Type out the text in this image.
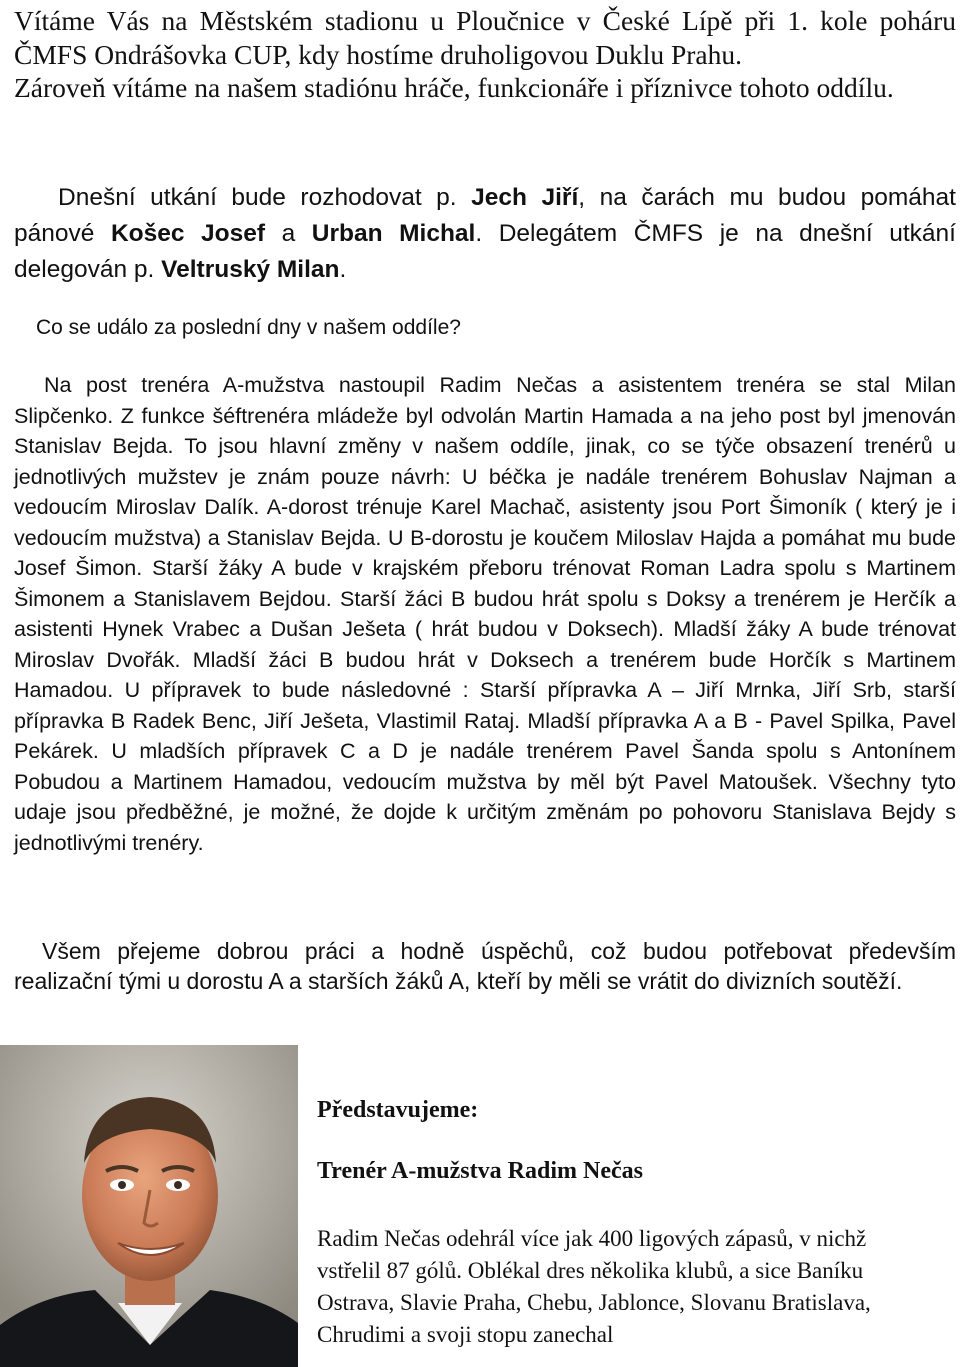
Vítáme Vás na Městském stadionu u Ploučnice v České Lípě při 1. kole poháru ČMFS Ondrášovka CUP, kdy hostíme druholigovou Duklu Prahu.
Zároveň vítáme na našem stadiónu hráče, funkcionáře i příznivce tohoto oddílu.

Dnešní utkání bude rozhodovat p. Jech Jiří, na čarách mu budou pomáhat pánové Košec Josef a Urban Michal. Delegátem ČMFS je na dnešní utkání delegován p. Veltruský Milan.

Co se událo za poslední dny v našem oddíle?

Na post trenéra A-mužstva nastoupil Radim Nečas a asistentem trenéra se stal Milan Slipčenko. Z funkce šéftrenéra mládeže byl odvolán Martin Hamada a na jeho post byl jmenován Stanislav Bejda. To jsou hlavní změny v našem oddíle, jinak, co se týče obsazení trenérů u jednotlivých mužstev je znám pouze návrh: U béčka je nadále trenérem Bohuslav Najman a vedoucím Miroslav Dalík. A-dorost trénuje Karel Machač, asistenty jsou Port Šimoník ( který je i vedoucím mužstva) a Stanislav Bejda. U B-dorostu je koučem Miloslav Hajda a pomáhat mu bude Josef Šimon. Starší žáky A bude v krajském přeboru trénovat Roman Ladra spolu s Martinem Šimonem a Stanislavem Bejdou. Starší žáci B budou hrát spolu s Doksy a trenérem je Herčík a asistenti Hynek Vrabec a Dušan Ješeta ( hrát budou v Doksech). Mladší žáky A bude trénovat Miroslav Dvořák. Mladší žáci B budou hrát v Doksech a trenérem bude Horčík s Martinem Hamadou. U přípravek to bude následovné : Starší přípravka A – Jiří Mrnka, Jiří Srb, starší přípravka B Radek Benc, Jiří Ješeta, Vlastimil Rataj. Mladší přípravka A a B - Pavel Spilka, Pavel Pekárek. U mladších přípravek C a D je nadále trenérem Pavel Šanda spolu s Antonínem Pobudou a Martinem Hamadou, vedoucím mužstva by měl být Pavel Matoušek. Všechny tyto udaje jsou předběžné, je možné, že dojde k určitým změnám po pohovoru Stanislava Bejdy s jednotlivými trenéry.

Všem přejeme dobrou práci a hodně úspěchů, což budou potřebovat především realizační tými u dorostu A a starších žáků A, kteří by měli se vrátit do divizních soutěží.

Představujeme:
Trenér A-mužstva Radim Nečas

Radim Nečas odehrál více jak 400 ligových zápasů, v nichž vstřelil 87 gólů. Oblékal dres několika klubů, a sice Baníku Ostrava, Slavie Praha, Chebu, Jablonce, Slovanu Bratislava, Chrudimi a svoji stopu zanechal
